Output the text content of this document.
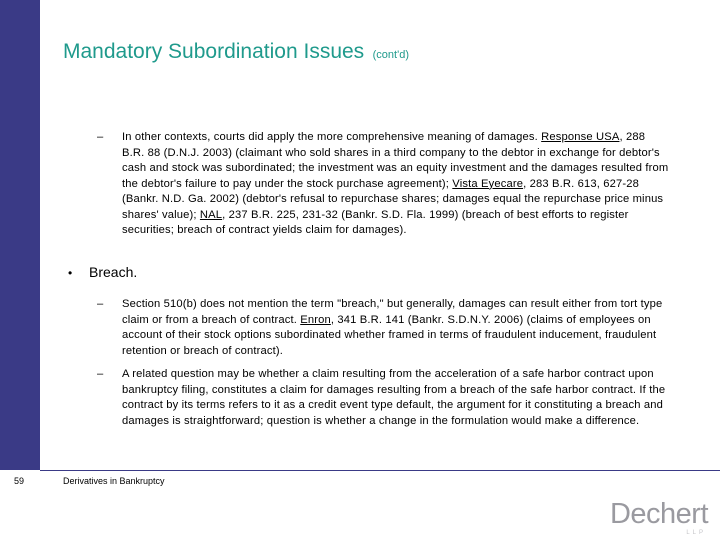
Mandatory Subordination Issues (cont'd)
– In other contexts, courts did apply the more comprehensive meaning of damages. Response USA, 288 B.R. 88 (D.N.J. 2003) (claimant who sold shares in a third company to the debtor in exchange for debtor's cash and stock was subordinated; the investment was an equity investment and the damages resulted from the debtor's failure to pay under the stock purchase agreement); Vista Eyecare, 283 B.R. 613, 627-28 (Bankr. N.D. Ga. 2002) (debtor's refusal to repurchase shares; damages equal the repurchase price minus shares' value); NAL, 237 B.R. 225, 231-32 (Bankr. S.D. Fla. 1999) (breach of best efforts to register securities; breach of contract yields claim for damages).
• Breach.
– Section 510(b) does not mention the term "breach," but generally, damages can result either from tort type claim or from a breach of contract. Enron, 341 B.R. 141 (Bankr. S.D.N.Y. 2006) (claims of employees on account of their stock options subordinated whether framed in terms of fraudulent inducement, fraudulent retention or breach of contract).
– A related question may be whether a claim resulting from the acceleration of a safe harbor contract upon bankruptcy filing, constitutes a claim for damages resulting from a breach of the safe harbor contract. If the contract by its terms refers to it as a credit event type default, the argument for it constituting a breach and damages is straightforward; question is whether a change in the formulation would make a difference.
59	Derivatives in Bankruptcy
Dechert
LLP
